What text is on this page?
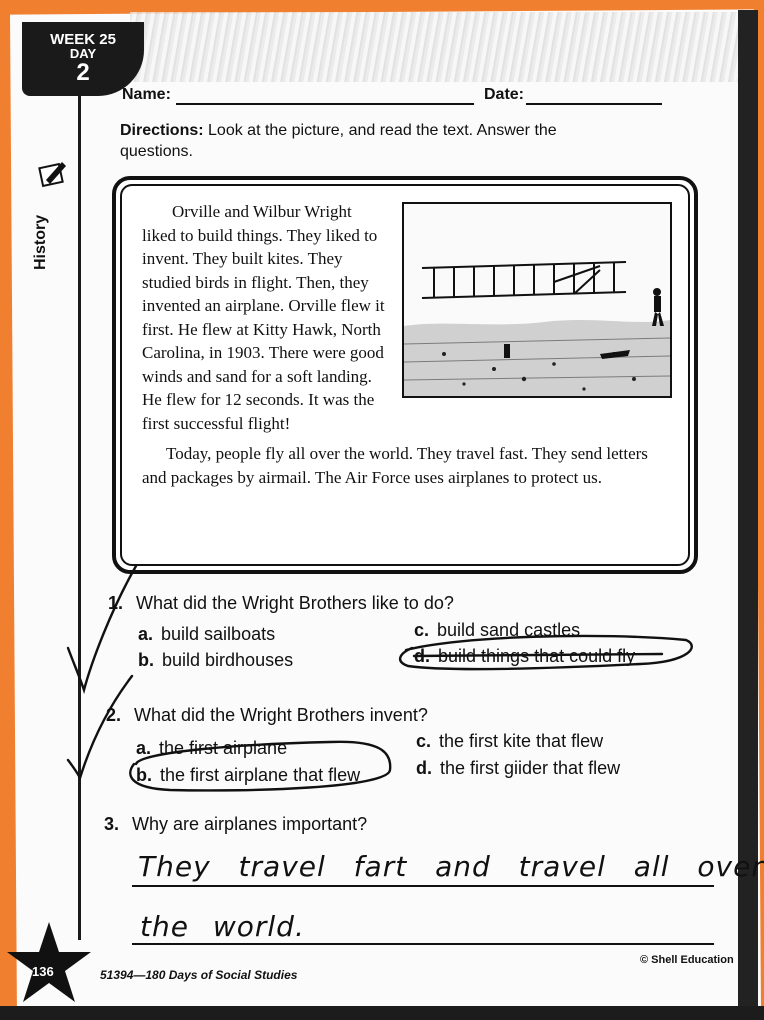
WEEK 25
DAY
2
Name:	Date:
Directions: Look at the picture, and read the text. Answer the questions.
History

Orville and Wilbur Wright liked to build things. They liked to invent. They built kites. They studied birds in flight. Then, they invented an airplane. Orville flew it first. He flew at Kitty Hawk, North Carolina, in 1903. There were good winds and sand for a soft landing. He flew for 12 seconds. It was the first successful flight!

Today, people fly all over the world. They travel fast. They send letters and packages by airmail. The Air Force uses airplanes to protect us.

1. What did the Wright Brothers like to do?
a. build sailboats
b. build birdhouses
c. build sand castles
d. build things that could fly
2. What did the Wright Brothers invent?
a. the first airplane
b. the first airplane that flew
c. the first kite that flew
d. the first giider that flew
3. Why are airplanes important?
They travel fart and travel all over
the world.
136	51394—180 Days of Social Studies
© Shell Education
